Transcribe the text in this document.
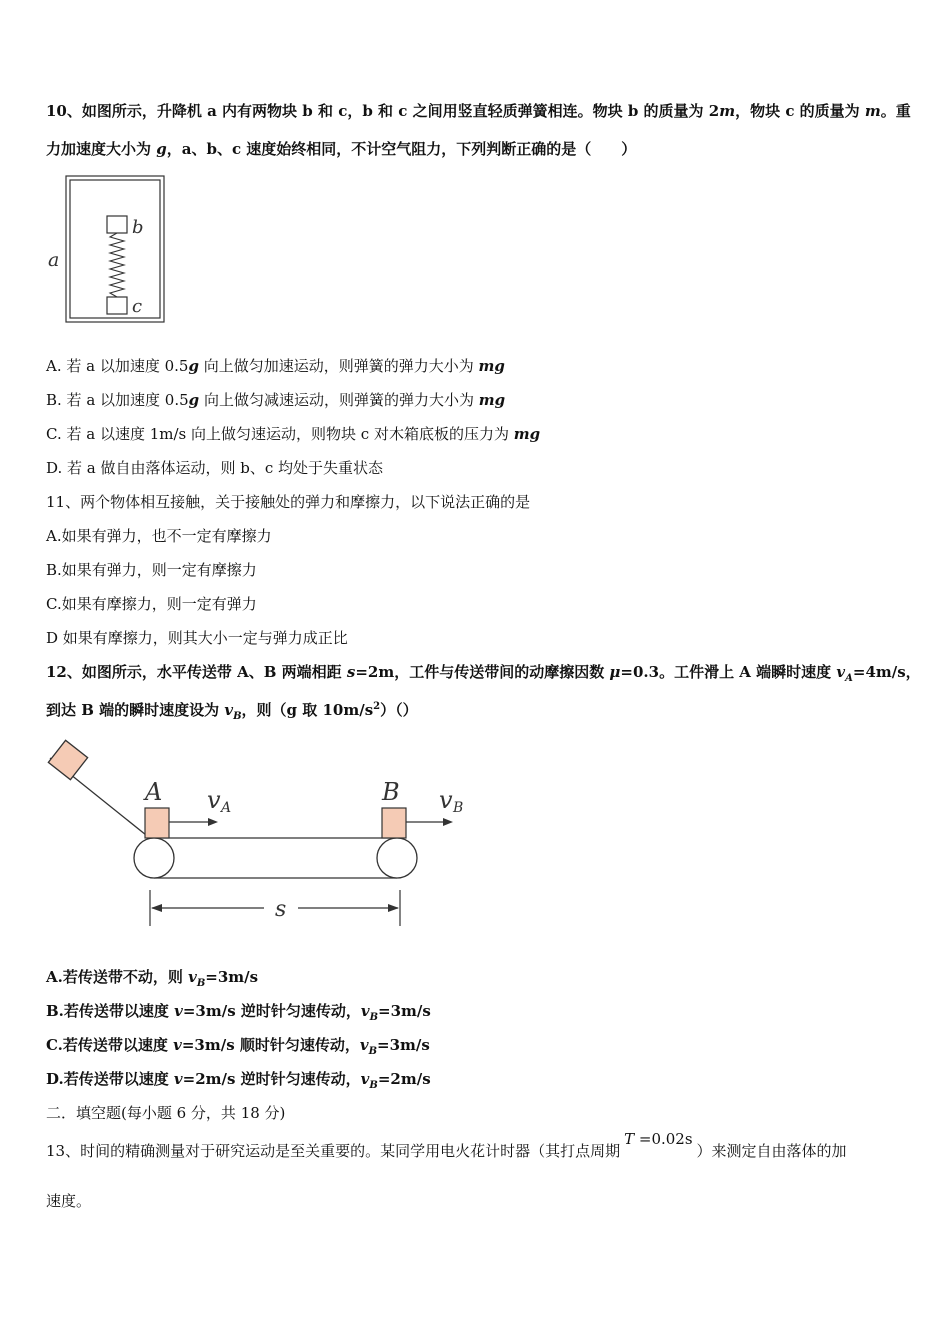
10、如图所示，升降机 a 内有两物块 b 和 c，b 和 c 之间用竖直轻质弹簧相连。物块 b 的质量为 2m，物块 c 的质量为 m。重
力加速度大小为 g，a、b、c 速度始终相同，不计空气阻力，下列判断正确的是（　　）
a
b
c
A. 若 a 以加速度 0.5g 向上做匀加速运动，则弹簧的弹力大小为 mg
B. 若 a 以加速度 0.5g 向上做匀减速运动，则弹簧的弹力大小为 mg
C. 若 a 以速度 1m/s 向上做匀速运动，则物块 c 对木箱底板的压力为 mg
D. 若 a 做自由落体运动，则 b、c 均处于失重状态
11、两个物体相互接触，关于接触处的弹力和摩擦力，以下说法正确的是
A.如果有弹力，也不一定有摩擦力
B.如果有弹力，则一定有摩擦力
C.如果有摩擦力，则一定有弹力
D 如果有摩擦力，则其大小一定与弹力成正比
12、如图所示，水平传送带 A、B 两端相距 s=2m，工件与传送带间的动摩擦因数 μ=0.3。工件滑上 A 端瞬时速度 $v_A=4m/s$，
到达 B 端的瞬时速度设为 $v_B$，则（g 取 $10m/s^2)()$
A	B
v A	v B
s
A.若传送带不动，则 $v_B=3m/s$
B.若传送带以速度 v=3m/s 逆时针匀速传动，$v_B=3m/s$
C.若传送带以速度 v=3m/s 顺时针匀速传动，$v_B=3m/s$
D.若传送带以速度 v=2m/s 逆时针匀速传动，$v_B=2m/s$
二．填空题(每小题 6 分，共 18 分)
13、时间的精确测量对于研究运动是至关重要的。某同学用电火花计时器（其打点周期T =0.02s）来测定自由落体的加
速度。
